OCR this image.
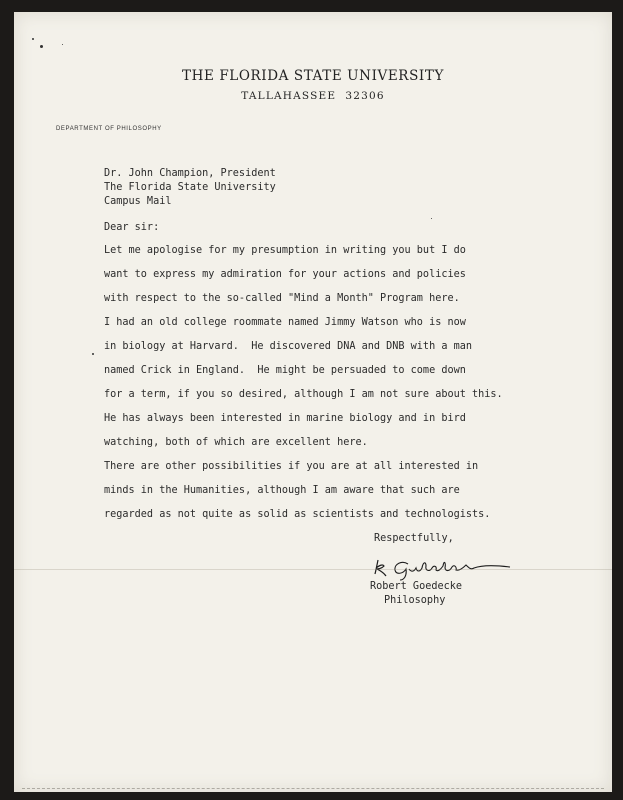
THE FLORIDA STATE UNIVERSITY
TALLAHASSEE 32306
DEPARTMENT OF PHILOSOPHY
Dr. John Champion, President
The Florida State University
Campus Mail
Dear sir:
Let me apologise for my presumption in writing you but I do
want to express my admiration for your actions and policies
with respect to the so-called "Mind a Month" Program here.
I had an old college roommate named Jimmy Watson who is now
in biology at Harvard.  He discovered DNA and DNB with a man
named Crick in England.  He might be persuaded to come down
for a term, if you so desired, although I am not sure about this.
He has always been interested in marine biology and in bird
watching, both of which are excellent here.
There are other possibilities if you are at all interested in
minds in the Humanities, although I am aware that such are
regarded as not quite as solid as scientists and technologists.
Respectfully,
Robert Goedecke
Philosophy
